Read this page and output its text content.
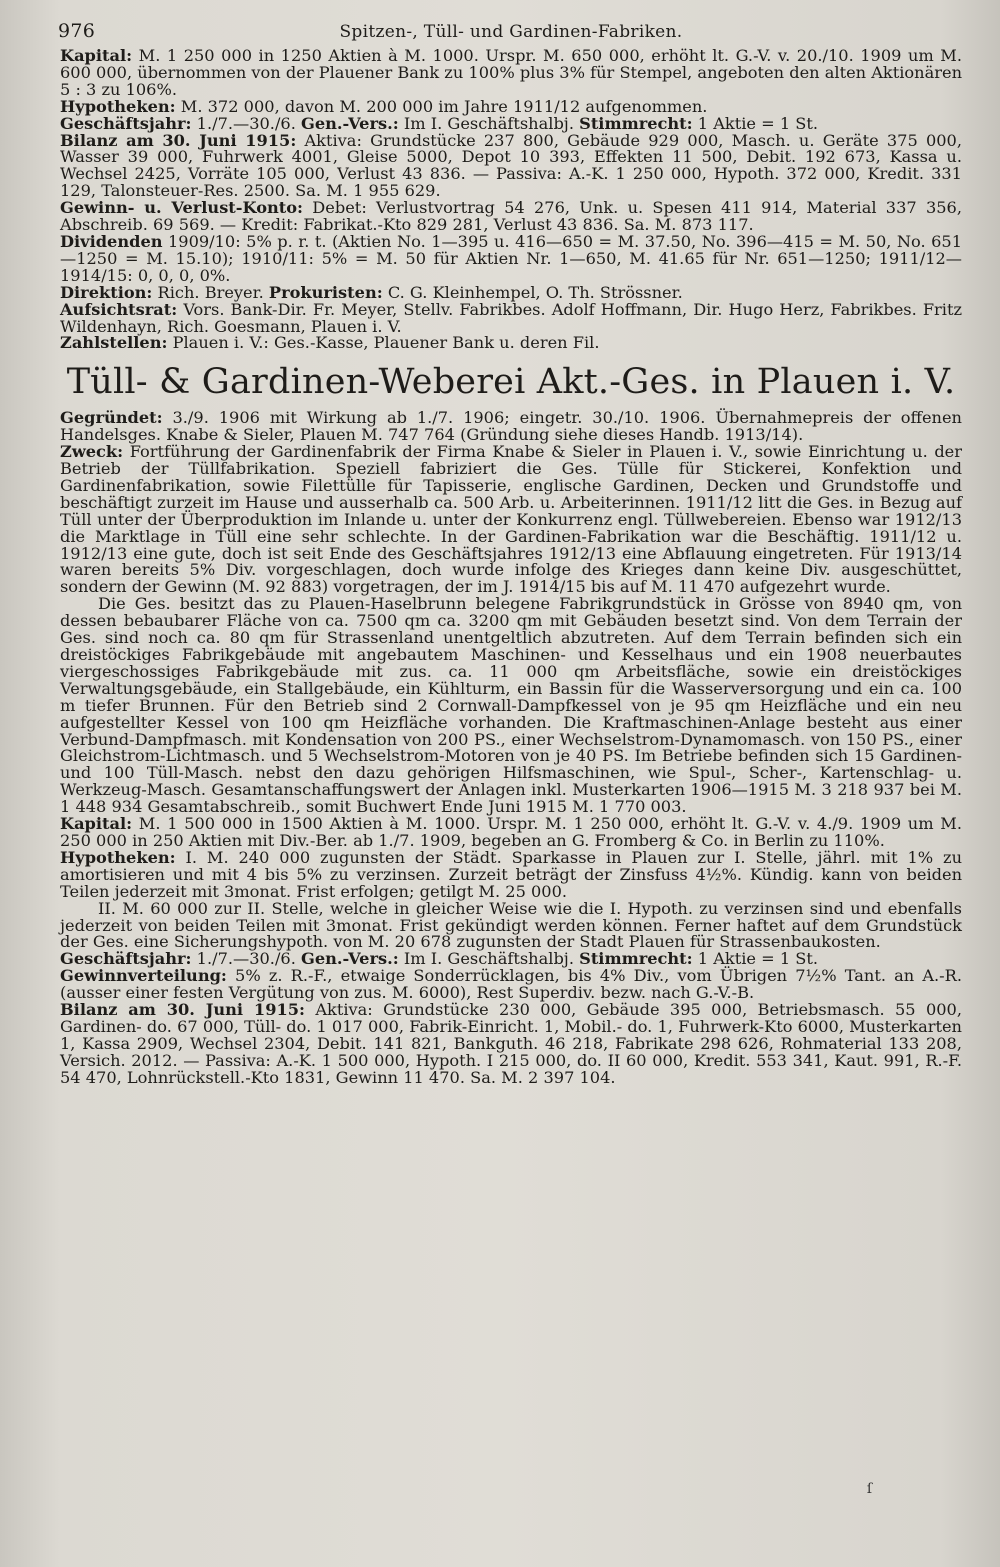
976	Spitzen-, Tüll- und Gardinen-Fabriken.

Kapital: M. 1 250 000 in 1250 Aktien à M. 1000. Urspr. M. 650 000, erhöht lt. G.-V. v. 20./10. 1909 um M. 600 000, übernommen von der Plauener Bank zu 100% plus 3% für Stempel, angeboten den alten Aktionären 5 : 3 zu 106%.

Hypotheken: M. 372 000, davon M. 200 000 im Jahre 1911/12 aufgenommen.

Geschäftsjahr: 1./7.—30./6. Gen.-Vers.: Im I. Geschäftshalbj. Stimmrecht: 1 Aktie = 1 St.

Bilanz am 30. Juni 1915: Aktiva: Grundstücke 237 800, Gebäude 929 000, Masch. u. Geräte 375 000, Wasser 39 000, Fuhrwerk 4001, Gleise 5000, Depot 10 393, Effekten 11 500, Debit. 192 673, Kassa u. Wechsel 2425, Vorräte 105 000, Verlust 43 836. — Passiva: A.-K. 1 250 000, Hypoth. 372 000, Kredit. 331 129, Talonsteuer-Res. 2500. Sa. M. 1 955 629.

Gewinn- u. Verlust-Konto: Debet: Verlustvortrag 54 276, Unk. u. Spesen 411 914, Material 337 356, Abschreib. 69 569. — Kredit: Fabrikat.-Kto 829 281, Verlust 43 836. Sa. M. 873 117.

Dividenden 1909/10: 5% p. r. t. (Aktien No. 1—395 u. 416—650 = M. 37.50, No. 396—415 = M. 50, No. 651—1250 = M. 15.10); 1910/11: 5% = M. 50 für Aktien Nr. 1—650, M. 41.65 für Nr. 651—1250; 1911/12—1914/15: 0, 0, 0, 0%.

Direktion: Rich. Breyer. Prokuristen: C. G. Kleinhempel, O. Th. Strössner.

Aufsichtsrat: Vors. Bank-Dir. Fr. Meyer, Stellv. Fabrikbes. Adolf Hoffmann, Dir. Hugo Herz, Fabrikbes. Fritz Wildenhayn, Rich. Goesmann, Plauen i. V.

Zahlstellen: Plauen i. V.: Ges.-Kasse, Plauener Bank u. deren Fil.

Tüll- & Gardinen-Weberei Akt.-Ges. in Plauen i. V.

Gegründet: 3./9. 1906 mit Wirkung ab 1./7. 1906; eingetr. 30./10. 1906. Übernahmepreis der offenen Handelsges. Knabe & Sieler, Plauen M. 747 764 (Gründung siehe dieses Handb. 1913/14).

Zweck: Fortführung der Gardinenfabrik der Firma Knabe & Sieler in Plauen i. V., sowie Einrichtung u. der Betrieb der Tüllfabrikation. Speziell fabriziert die Ges. Tülle für Stickerei, Konfektion und Gardinenfabrikation, sowie Filettülle für Tapisserie, englische Gardinen, Decken und Grundstoffe und beschäftigt zurzeit im Hause und ausserhalb ca. 500 Arb. u. Arbeiterinnen. 1911/12 litt die Ges. in Bezug auf Tüll unter der Überproduktion im Inlande u. unter der Konkurrenz engl. Tüllwebereien. Ebenso war 1912/13 die Marktlage in Tüll eine sehr schlechte. In der Gardinen-Fabrikation war die Beschäftig. 1911/12 u. 1912/13 eine gute, doch ist seit Ende des Geschäftsjahres 1912/13 eine Abflauung eingetreten. Für 1913/14 waren bereits 5% Div. vorgeschlagen, doch wurde infolge des Krieges dann keine Div. ausgeschüttet, sondern der Gewinn (M. 92 883) vorgetragen, der im J. 1914/15 bis auf M. 11 470 aufgezehrt wurde.

Die Ges. besitzt das zu Plauen-Haselbrunn belegene Fabrikgrundstück in Grösse von 8940 qm, von dessen bebaubarer Fläche von ca. 7500 qm ca. 3200 qm mit Gebäuden besetzt sind. Von dem Terrain der Ges. sind noch ca. 80 qm für Strassenland unentgeltlich abzutreten. Auf dem Terrain befinden sich ein dreistöckiges Fabrikgebäude mit angebautem Maschinen- und Kesselhaus und ein 1908 neuerbautes viergeschossiges Fabrikgebäude mit zus. ca. 11 000 qm Arbeitsfläche, sowie ein dreistöckiges Verwaltungsgebäude, ein Stallgebäude, ein Kühlturm, ein Bassin für die Wasserversorgung und ein ca. 100 m tiefer Brunnen. Für den Betrieb sind 2 Cornwall-Dampfkessel von je 95 qm Heizfläche und ein neu aufgestellter Kessel von 100 qm Heizfläche vorhanden. Die Kraftmaschinen-Anlage besteht aus einer Verbund-Dampfmasch. mit Kondensation von 200 PS., einer Wechselstrom-Dynamomasch. von 150 PS., einer Gleichstrom-Lichtmasch. und 5 Wechselstrom-Motoren von je 40 PS. Im Betriebe befinden sich 15 Gardinen- und 100 Tüll-Masch. nebst den dazu gehörigen Hilfsmaschinen, wie Spul-, Scher-, Kartenschlag- u. Werkzeug-Masch. Gesamtanschaffungswert der Anlagen inkl. Musterkarten 1906—1915 M. 3 218 937 bei M. 1 448 934 Gesamtabschreib., somit Buchwert Ende Juni 1915 M. 1 770 003.

Kapital: M. 1 500 000 in 1500 Aktien à M. 1000. Urspr. M. 1 250 000, erhöht lt. G.-V. v. 4./9. 1909 um M. 250 000 in 250 Aktien mit Div.-Ber. ab 1./7. 1909, begeben an G. Fromberg & Co. in Berlin zu 110%.

Hypotheken: I. M. 240 000 zugunsten der Städt. Sparkasse in Plauen zur I. Stelle, jährl. mit 1% zu amortisieren und mit 4 bis 5% zu verzinsen. Zurzeit beträgt der Zinsfuss 4½%. Kündig. kann von beiden Teilen jederzeit mit 3monat. Frist erfolgen; getilgt M. 25 000.

II. M. 60 000 zur II. Stelle, welche in gleicher Weise wie die I. Hypoth. zu verzinsen sind und ebenfalls jederzeit von beiden Teilen mit 3monat. Frist gekündigt werden können. Ferner haftet auf dem Grundstück der Ges. eine Sicherungshypoth. von M. 20 678 zugunsten der Stadt Plauen für Strassenbaukosten.

Geschäftsjahr: 1./7.—30./6. Gen.-Vers.: Im I. Geschäftshalbj. Stimmrecht: 1 Aktie = 1 St.

Gewinnverteilung: 5% z. R.-F., etwaige Sonderrücklagen, bis 4% Div., vom Übrigen 7½% Tant. an A.-R. (ausser einer festen Vergütung von zus. M. 6000), Rest Superdiv. bezw. nach G.-V.-B.

Bilanz am 30. Juni 1915: Aktiva: Grundstücke 230 000, Gebäude 395 000, Betriebsmasch. 55 000, Gardinen- do. 67 000, Tüll- do. 1 017 000, Fabrik-Einricht. 1, Mobil.- do. 1, Fuhrwerk-Kto 6000, Musterkarten 1, Kassa 2909, Wechsel 2304, Debit. 141 821, Bankguth. 46 218, Fabrikate 298 626, Rohmaterial 133 208, Versich. 2012. — Passiva: A.-K. 1 500 000, Hypoth. I 215 000, do. II 60 000, Kredit. 553 341, Kaut. 991, R.-F. 54 470, Lohnrückstell.-Kto 1831, Gewinn 11 470. Sa. M. 2 397 104.

ſ
